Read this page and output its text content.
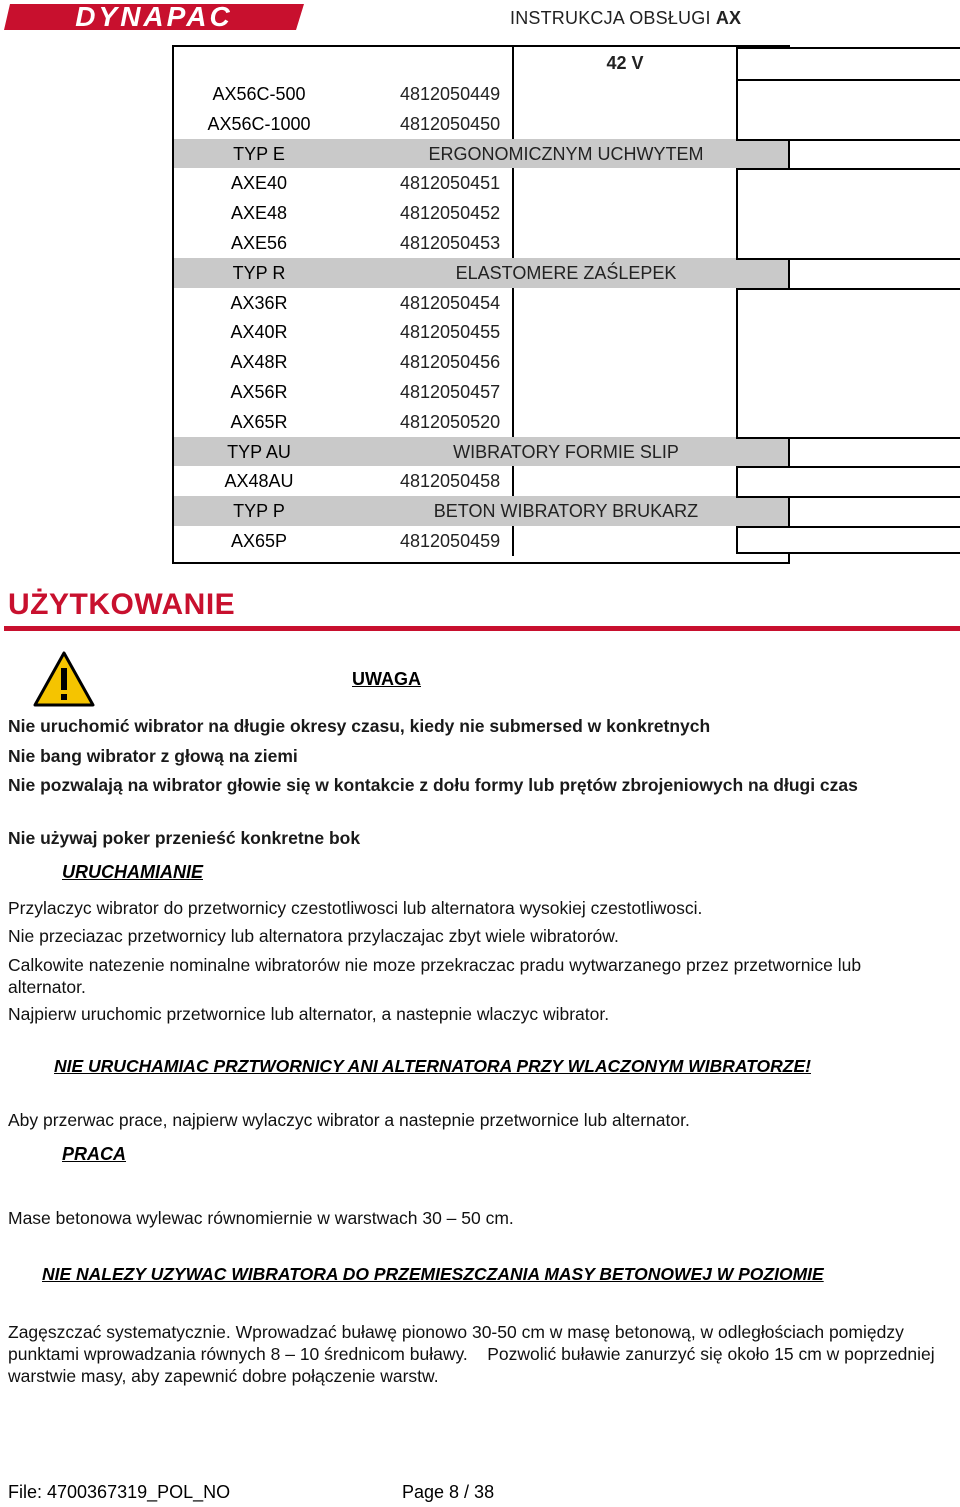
DYNAPAC	INSTRUKCJA OBSŁUGI AX
42 V
AX56C-500	4812050449
AX56C-1000	4812050450
TYP E	ERGONOMICZNYM UCHWYTEM
AXE40	4812050451
AXE48	4812050452
AXE56	4812050453
TYP R	ELASTOMERE ZAŚLEPEK
AX36R	4812050454
AX40R	4812050455
AX48R	4812050456
AX56R	4812050457
AX65R	4812050520
TYP AU	WIBRATORY FORMIE SLIP
AX48AU	4812050458
TYP P	BETON WIBRATORY BRUKARZ
AX65P	4812050459
UŻYTKOWANIE
UWAGA
Nie uruchomić wibrator na długie okresy czasu, kiedy nie submersed w konkretnych
Nie bang wibrator z głową na ziemi
Nie pozwalają na wibrator głowie się w kontakcie z dołu formy lub prętów zbrojeniowych na długi czas
Nie używaj poker przenieść konkretne bok
URUCHAMIANIE
Przylaczyc wibrator do przetwornicy czestotliwosci lub alternatora wysokiej czestotliwosci.
Nie przeciazac przetwornicy lub alternatora przylaczajac zbyt wiele wibratorów.
Calkowite natezenie nominalne wibratorów nie moze przekraczac pradu wytwarzanego przez przetwornice lub alternator.
Najpierw uruchomic przetwornice lub alternator, a nastepnie wlaczyc wibrator.
NIE URUCHAMIAC PRZTWORNICY ANI ALTERNATORA PRZY WLACZONYM WIBRATORZE!
Aby przerwac prace, najpierw wylaczyc wibrator a nastepnie przetwornice lub alternator.
PRACA
Mase betonowa wylewac równomiernie w warstwach 30 – 50 cm.
NIE NALEZY UZYWAC WIBRATORA DO PRZEMIESZCZANIA MASY BETONOWEJ W POZIOMIE
Zagęszczać systematycznie. Wprowadzać buławę pionowo 30-50 cm w masę betonową, w odległościach pomiędzy punktami wprowadzania równych 8 – 10 średnicom buławy.    Pozwolić buławie zanurzyć się około 15 cm w poprzedniej warstwie masy, aby zapewnić dobre połączenie warstw.
File: 4700367319_POL_NO	Page 8 / 38
